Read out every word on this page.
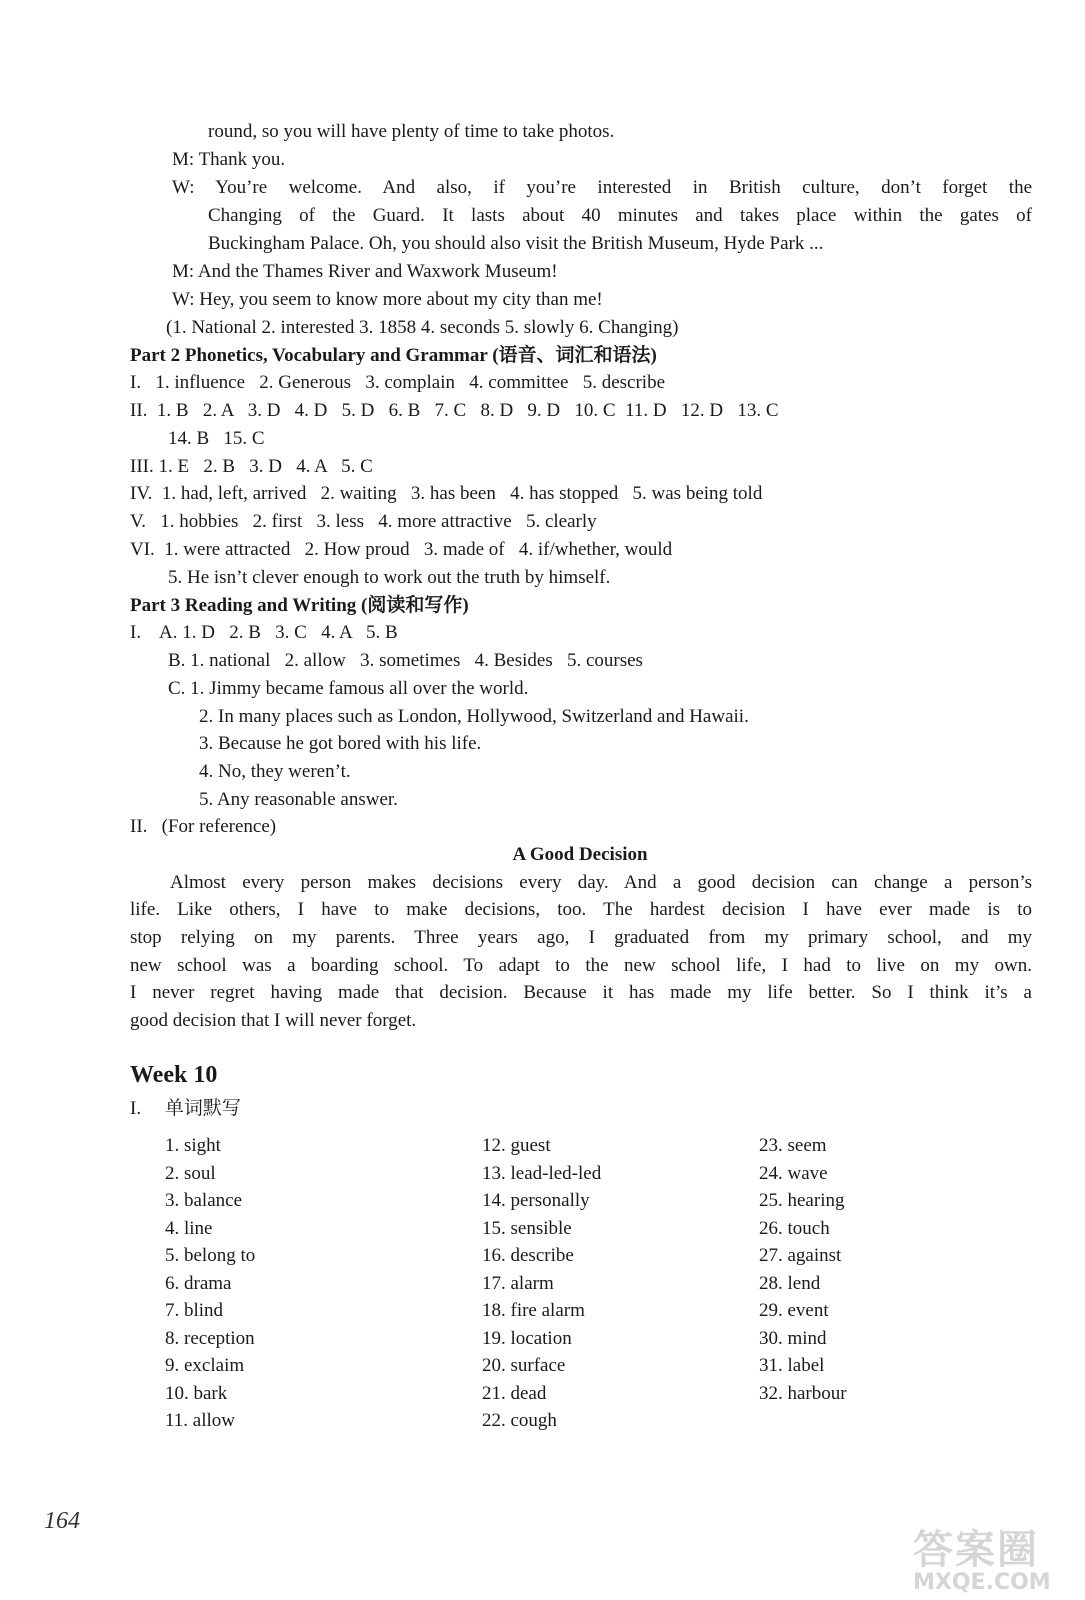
round, so you will have plenty of time to take photos.
M: Thank you.
W: You’re welcome. And also, if you’re interested in British culture, don’t forget the
Changing of the Guard. It lasts about 40 minutes and takes place within the gates of
Buckingham Palace. Oh, you should also visit the British Museum, Hyde Park ...
M: And the Thames River and Waxwork Museum!
W: Hey, you seem to know more about my city than me!
(1. National 2. interested 3. 1858 4. seconds 5. slowly 6. Changing)
Part 2 Phonetics, Vocabulary and Grammar (语音、词汇和语法)
I.   1. influence   2. Generous   3. complain   4. committee   5. describe
II.  1. B   2. A   3. D   4. D   5. D   6. B   7. C   8. D   9. D   10. C  11. D   12. D   13. C
14. B   15. C
III. 1. E   2. B   3. D   4. A   5. C
IV.  1. had, left, arrived   2. waiting   3. has been   4. has stopped   5. was being told
V.   1. hobbies   2. first   3. less   4. more attractive   5. clearly
VI.  1. were attracted   2. How proud   3. made of   4. if/whether, would
5. He isn’t clever enough to work out the truth by himself.
Part 3 Reading and Writing (阅读和写作)
I.    A. 1. D   2. B   3. C   4. A   5. B
B. 1. national   2. allow   3. sometimes   4. Besides   5. courses
C. 1. Jimmy became famous all over the world.
2. In many places such as London, Hollywood, Switzerland and Hawaii.
3. Because he got bored with his life.
4. No, they weren’t.
5. Any reasonable answer.
II.   (For reference)
A Good Decision
Almost every person makes decisions every day. And a good decision can change a person’s
life. Like others, I have to make decisions, too. The hardest decision I have ever made is to
stop relying on my parents. Three years ago, I graduated from my primary school, and my
new school was a boarding school. To adapt to the new school life, I had to live on my own.
I never regret having made that decision. Because it has made my life better. So I think it’s a
good decision that I will never forget.
Week 10
I.     单词默写
1. sight
2. soul
3. balance
4. line
5. belong to
6. drama
7. blind
8. reception
9. exclaim
10. bark
11. allow
12. guest
13. lead-led-led
14. personally
15. sensible
16. describe
17. alarm
18. fire alarm
19. location
20. surface
21. dead
22. cough
23. seem
24. wave
25. hearing
26. touch
27. against
28. lend
29. event
30. mind
31. label
32. harbour
164
答案圈
MXQE.COM
